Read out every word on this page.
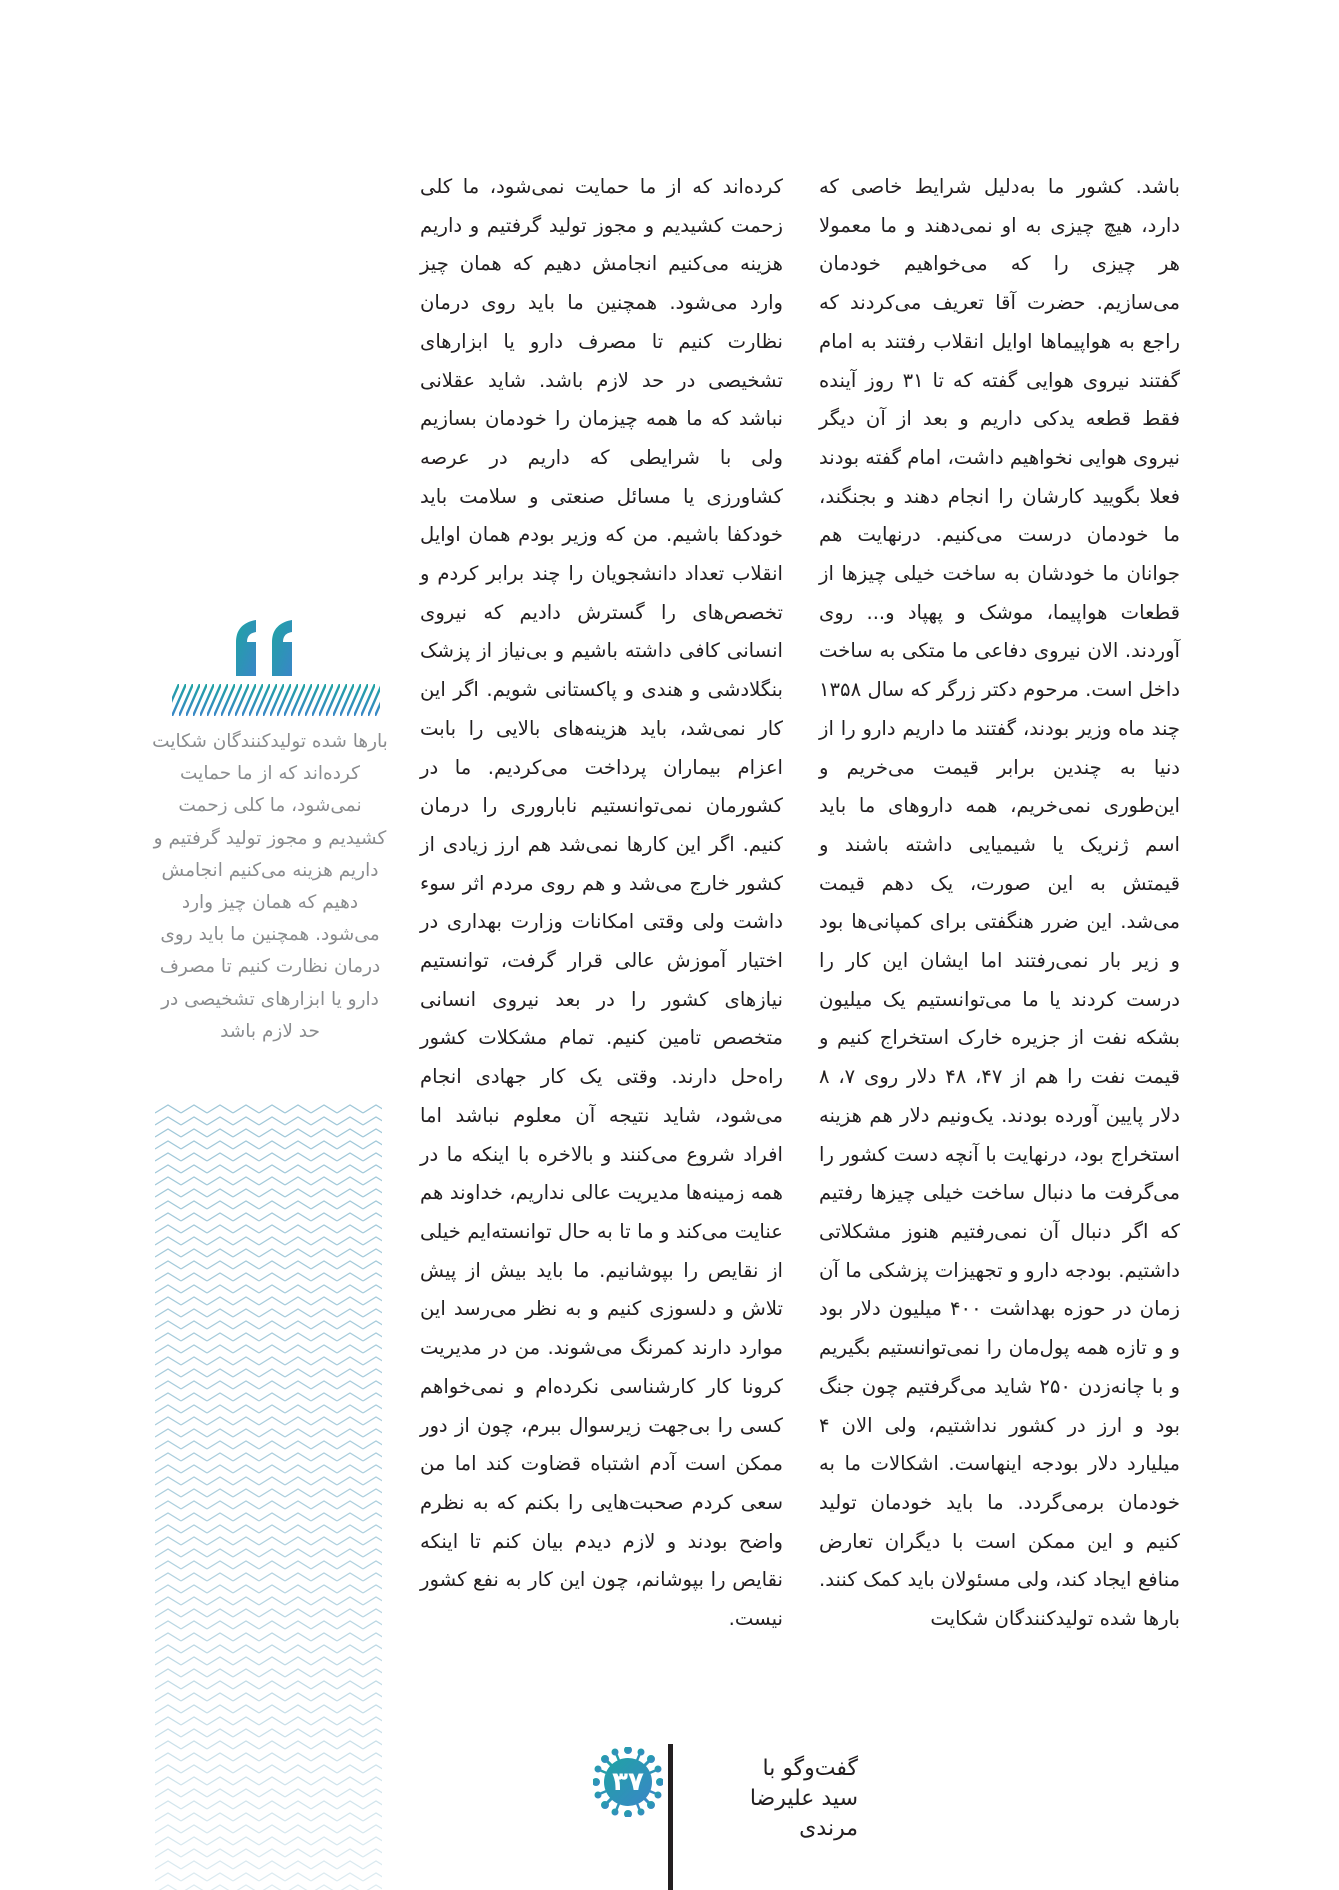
باشد. کشور ما به‌دلیل شرایط خاصی که دارد، هیچ چیزی به او نمی‌دهند و ما معمولا هر چیزی را که می‌خواهیم خودمان می‌سازیم. حضرت آقا تعریف می‌کردند که راجع به هواپیماها اوایل انقلاب رفتند به امام گفتند نیروی هوایی گفته که تا ۳۱ روز آینده فقط قطعه یدکی داریم و بعد از آن دیگر نیروی هوایی نخواهیم داشت، امام گفته بودند فعلا بگویید کارشان را انجام دهند و بجنگند، ما خودمان درست می‌کنیم. درنهایت هم جوانان ما خودشان به ساخت خیلی چیزها از قطعات هواپیما، موشک و پهپاد و... روی آوردند. الان نیروی دفاعی ما متکی به ساخت داخل است. مرحوم دکتر زرگر که سال ۱۳۵۸ چند ماه وزیر بودند، گفتند ما داریم دارو را از دنیا به چندین برابر قیمت می‌خریم و این‌طوری نمی‌خریم، همه داروهای ما باید اسم ژنریک یا شیمیایی داشته باشند و قیمتش به این صورت، یک دهم قیمت می‌شد. این ضرر هنگفتی برای کمپانی‌ها بود و زیر بار نمی‌رفتند اما ایشان این کار را درست کردند یا ما می‌توانستیم یک میلیون بشکه نفت از جزیره خارک استخراج کنیم و قیمت نفت را هم از ۴۷، ۴۸ دلار روی ۷، ۸ دلار پایین آورده بودند. یک‌ونیم دلار هم هزینه استخراج بود، درنهایت با آنچه دست کشور را می‌گرفت ما دنبال ساخت خیلی چیزها رفتیم که اگر دنبال آن نمی‌رفتیم هنوز مشکلاتی داشتیم. بودجه دارو و تجهیزات پزشکی ما آن زمان در حوزه بهداشت ۴۰۰ میلیون دلار بود و و تازه همه پول‌مان را نمی‌توانستیم بگیریم و با چانه‌زدن ۲۵۰ شاید می‌گرفتیم چون جنگ بود و ارز در کشور نداشتیم، ولی الان ۴ میلیارد دلار بودجه اینهاست. اشکالات ما به خودمان برمی‌گردد. ما باید خودمان تولید کنیم و این ممکن است با دیگران تعارض منافع ایجاد کند، ولی مسئولان باید کمک کنند. بارها شده تولیدکنندگان شکایت

کرده‌اند که از ما حمایت نمی‌شود، ما کلی زحمت کشیدیم و مجوز تولید گرفتیم و داریم هزینه می‌کنیم انجامش دهیم که همان چیز وارد می‌شود. همچنین ما باید روی درمان نظارت کنیم تا مصرف دارو یا ابزارهای تشخیصی در حد لازم باشد. شاید عقلانی نباشد که ما همه چیزمان را خودمان بسازیم ولی با شرایطی که داریم در عرصه کشاورزی یا مسائل صنعتی و سلامت باید خودکفا باشیم. من که وزیر بودم همان اوایل انقلاب تعداد دانشجویان را چند برابر کردم و تخصص‌های را گسترش دادیم که نیروی انسانی کافی داشته باشیم و بی‌نیاز از پزشک بنگلادشی و هندی و پاکستانی شویم. اگر این کار نمی‌شد، باید هزینه‌های بالایی را بابت اعزام بیماران پرداخت می‌کردیم. ما در کشورمان نمی‌توانستیم ناباروری را درمان کنیم. اگر این کارها نمی‌شد هم ارز زیادی از کشور خارج می‌شد و هم روی مردم اثر سوء داشت ولی وقتی امکانات وزارت بهداری در اختیار آموزش عالی قرار گرفت، توانستیم نیازهای کشور را در بعد نیروی انسانی متخصص تامین کنیم. تمام مشکلات کشور راه‌حل دارند. وقتی یک کار جهادی انجام می‌شود، شاید نتیجه آن معلوم نباشد اما افراد شروع می‌کنند و بالاخره با اینکه ما در همه زمینه‌ها مدیریت عالی نداریم، خداوند هم عنایت می‌کند و ما تا به حال توانسته‌ایم خیلی از نقایص را بپوشانیم. ما باید بیش از پیش تلاش و دلسوزی کنیم و به نظر می‌رسد این موارد دارند کمرنگ می‌شوند. من در مدیریت کرونا کار کارشناسی نکرده‌ام و نمی‌خواهم کسی را بی‌جهت زیرسوال ببرم، چون از دور ممکن است آدم اشتباه قضاوت کند اما من سعی کردم صحبت‌هایی را بکنم که به نظرم واضح بودند و لازم دیدم بیان کنم تا اینکه نقایص را بپوشانم، چون این کار به نفع کشور نیست.

بارها شده تولیدکنندگان شکایت کرده‌اند که از ما حمایت نمی‌شود، ما کلی زحمت کشیدیم و مجوز تولید گرفتیم و داریم هزینه می‌کنیم انجامش دهیم که همان چیز وارد می‌شود. همچنین ما باید روی درمان نظارت کنیم تا مصرف دارو یا ابزارهای تشخیصی در حد لازم باشد

۳۷	گفت‌وگو با
سید علیرضا مرندی
